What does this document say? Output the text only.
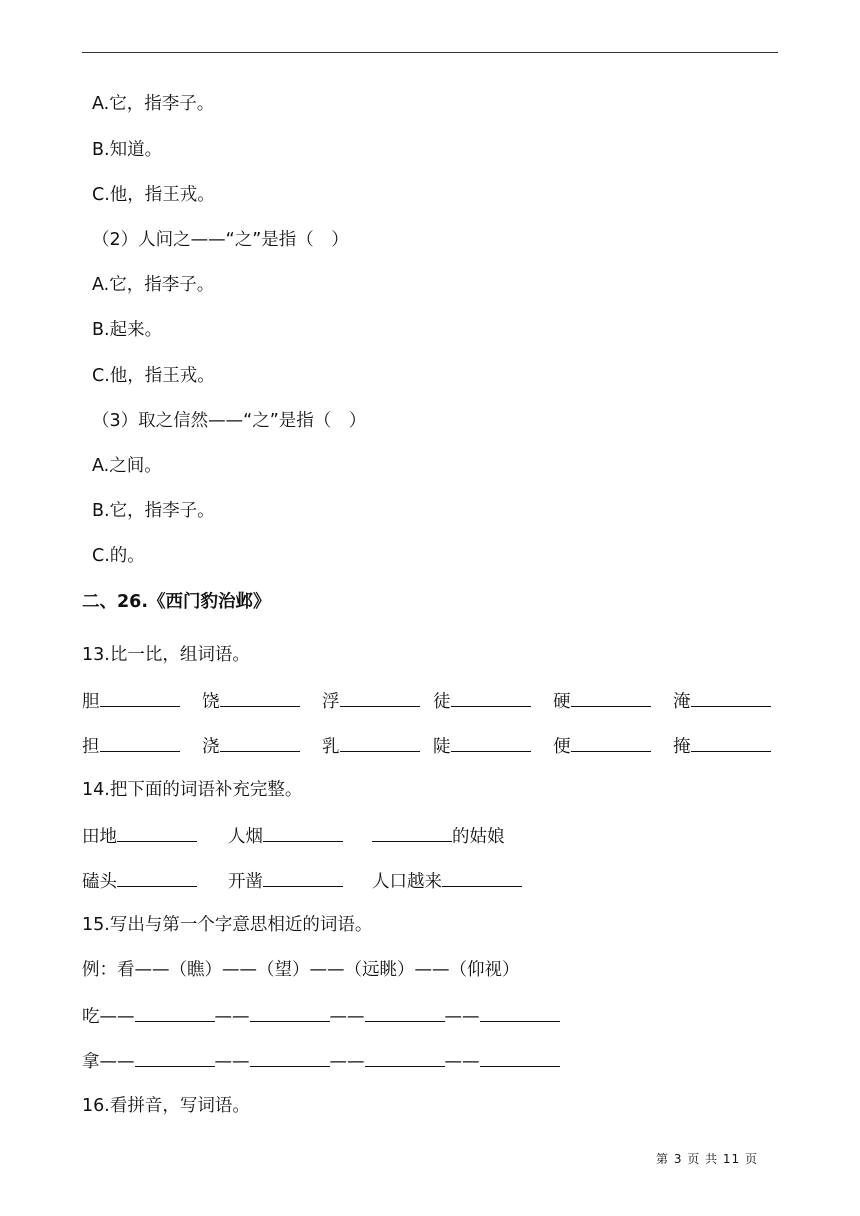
A.它，指李子。
B.知道。
C.他，指王戎。
（2）人问之——“之”是指（　）
A.它，指李子。
B.起来。
C.他，指王戎。
（3）取之信然——“之”是指（　）
A.之间。
B.它，指李子。
C.的。
二、26.《西门豹治邺》
13.比一比，组词语。
胆	饶	浮	徒	硬	淹
担	浇	乳	陡	便	掩
14.把下面的词语补充完整。
田地	人烟	的姑娘
磕头	开凿	人口越来
15.写出与第一个字意思相近的词语。
例：看——（瞧）——（望）——（远眺）——（仰视）
吃——	——	——	——
拿——	——	——	——
16.看拼音，写词语。
第 3 页 共 11 页
